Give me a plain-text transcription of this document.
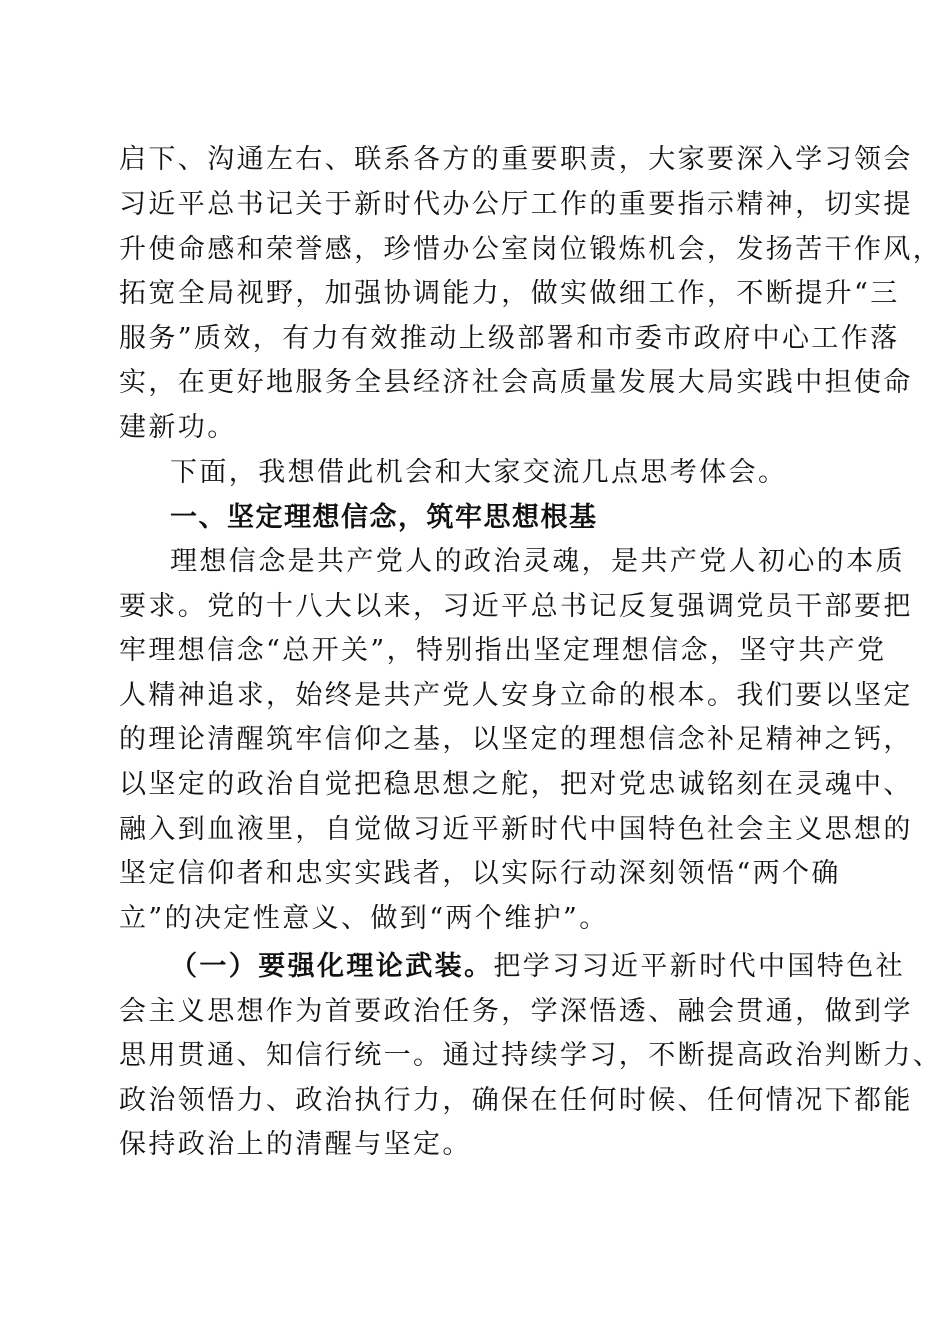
启下、沟通左右、联系各方的重要职责，大家要深入学习领会
习近平总书记关于新时代办公厅工作的重要指示精神，切实提
升使命感和荣誉感，珍惜办公室岗位锻炼机会，发扬苦干作风，
拓宽全局视野，加强协调能力，做实做细工作，不断提升“三
服务”质效，有力有效推动上级部署和市委市政府中心工作落
实，在更好地服务全县经济社会高质量发展大局实践中担使命
建新功。
下面，我想借此机会和大家交流几点思考体会。
一、坚定理想信念，筑牢思想根基
理想信念是共产党人的政治灵魂，是共产党人初心的本质
要求。党的十八大以来，习近平总书记反复强调党员干部要把
牢理想信念“总开关”，特别指出坚定理想信念，坚守共产党
人精神追求，始终是共产党人安身立命的根本。我们要以坚定
的理论清醒筑牢信仰之基，以坚定的理想信念补足精神之钙，
以坚定的政治自觉把稳思想之舵，把对党忠诚铭刻在灵魂中、
融入到血液里，自觉做习近平新时代中国特色社会主义思想的
坚定信仰者和忠实实践者，以实际行动深刻领悟“两个确
立”的决定性意义、做到“两个维护”。
（一）要强化理论武装。把学习习近平新时代中国特色社
会主义思想作为首要政治任务，学深悟透、融会贯通，做到学
思用贯通、知信行统一。通过持续学习，不断提高政治判断力、
政治领悟力、政治执行力，确保在任何时候、任何情况下都能
保持政治上的清醒与坚定。
